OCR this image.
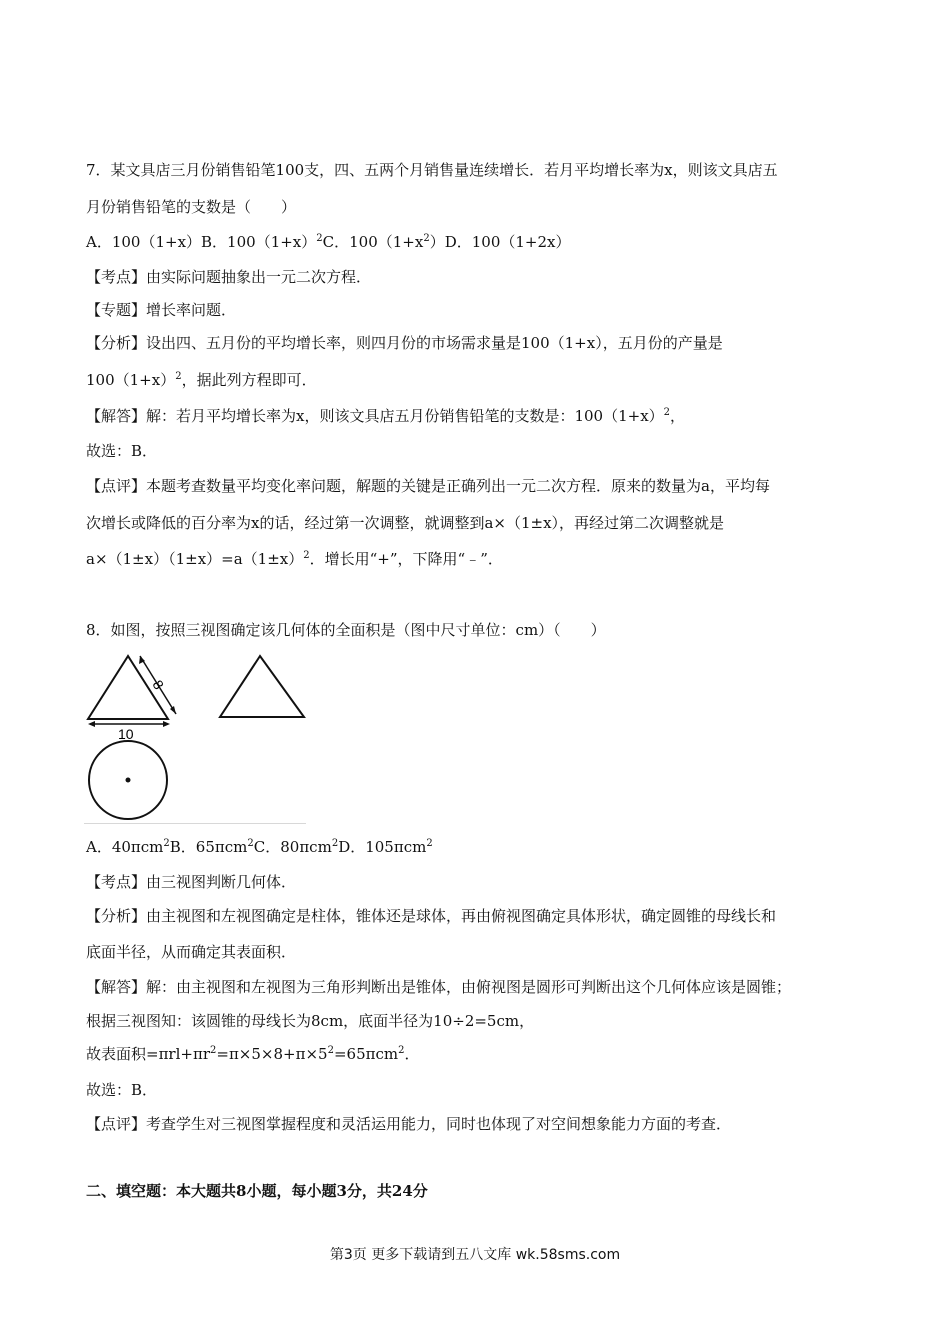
7．某文具店三月份销售铅笔100支，四、五两个月销售量连续增长．若月平均增长率为x，则该文具店五
月份销售铅笔的支数是（　　）
A．100（1+x）B．$100(1+x)^2C$．$100(1+x^2)D$．100（1+2x）
【考点】由实际问题抽象出一元二次方程．
【专题】增长率问题．
【分析】设出四、五月份的平均增长率，则四月份的市场需求量是100（1+x），五月份的产量是
$100(1+x)^2$，据此列方程即可．
【解答】解：若月平均增长率为x，则该文具店五月份销售铅笔的支数是：$100(1+x)^2$，
故选：B．
【点评】本题考查数量平均变化率问题，解题的关键是正确列出一元二次方程．原来的数量为a，平均每
次增长或降低的百分率为x的话，经过第一次调整，就调整到a×（1±x），再经过第二次调整就是
$a\times(1\pm x)(1\pm x)=a(1\pm x)^2$．增长用“+”，下降用“﹣”．
8．如图，按照三视图确定该几何体的全面积是（图中尺寸单位：cm）（　　）
8
10
A．40πcm$^2$B．65πcm$^2$C．80πcm$^2$D．105πcm$^2$
【考点】由三视图判断几何体．
【分析】由主视图和左视图确定是柱体，锥体还是球体，再由俯视图确定具体形状，确定圆锥的母线长和
底面半径，从而确定其表面积．
【解答】解：由主视图和左视图为三角形判断出是锥体，由俯视图是圆形可判断出这个几何体应该是圆锥；
根据三视图知：该圆锥的母线长为8cm，底面半径为10÷2=5cm，
故表面积$=\pi rl+\pi r^2=\pi\times 5\times 8+\pi\times 5^2=65\pi cm^2$．
故选：B．
【点评】考查学生对三视图掌握程度和灵活运用能力，同时也体现了对空间想象能力方面的考查．
二、填空题：本大题共8小题，每小题3分，共24分
第3页 更多下载请到五八文库 wk.58sms.com
